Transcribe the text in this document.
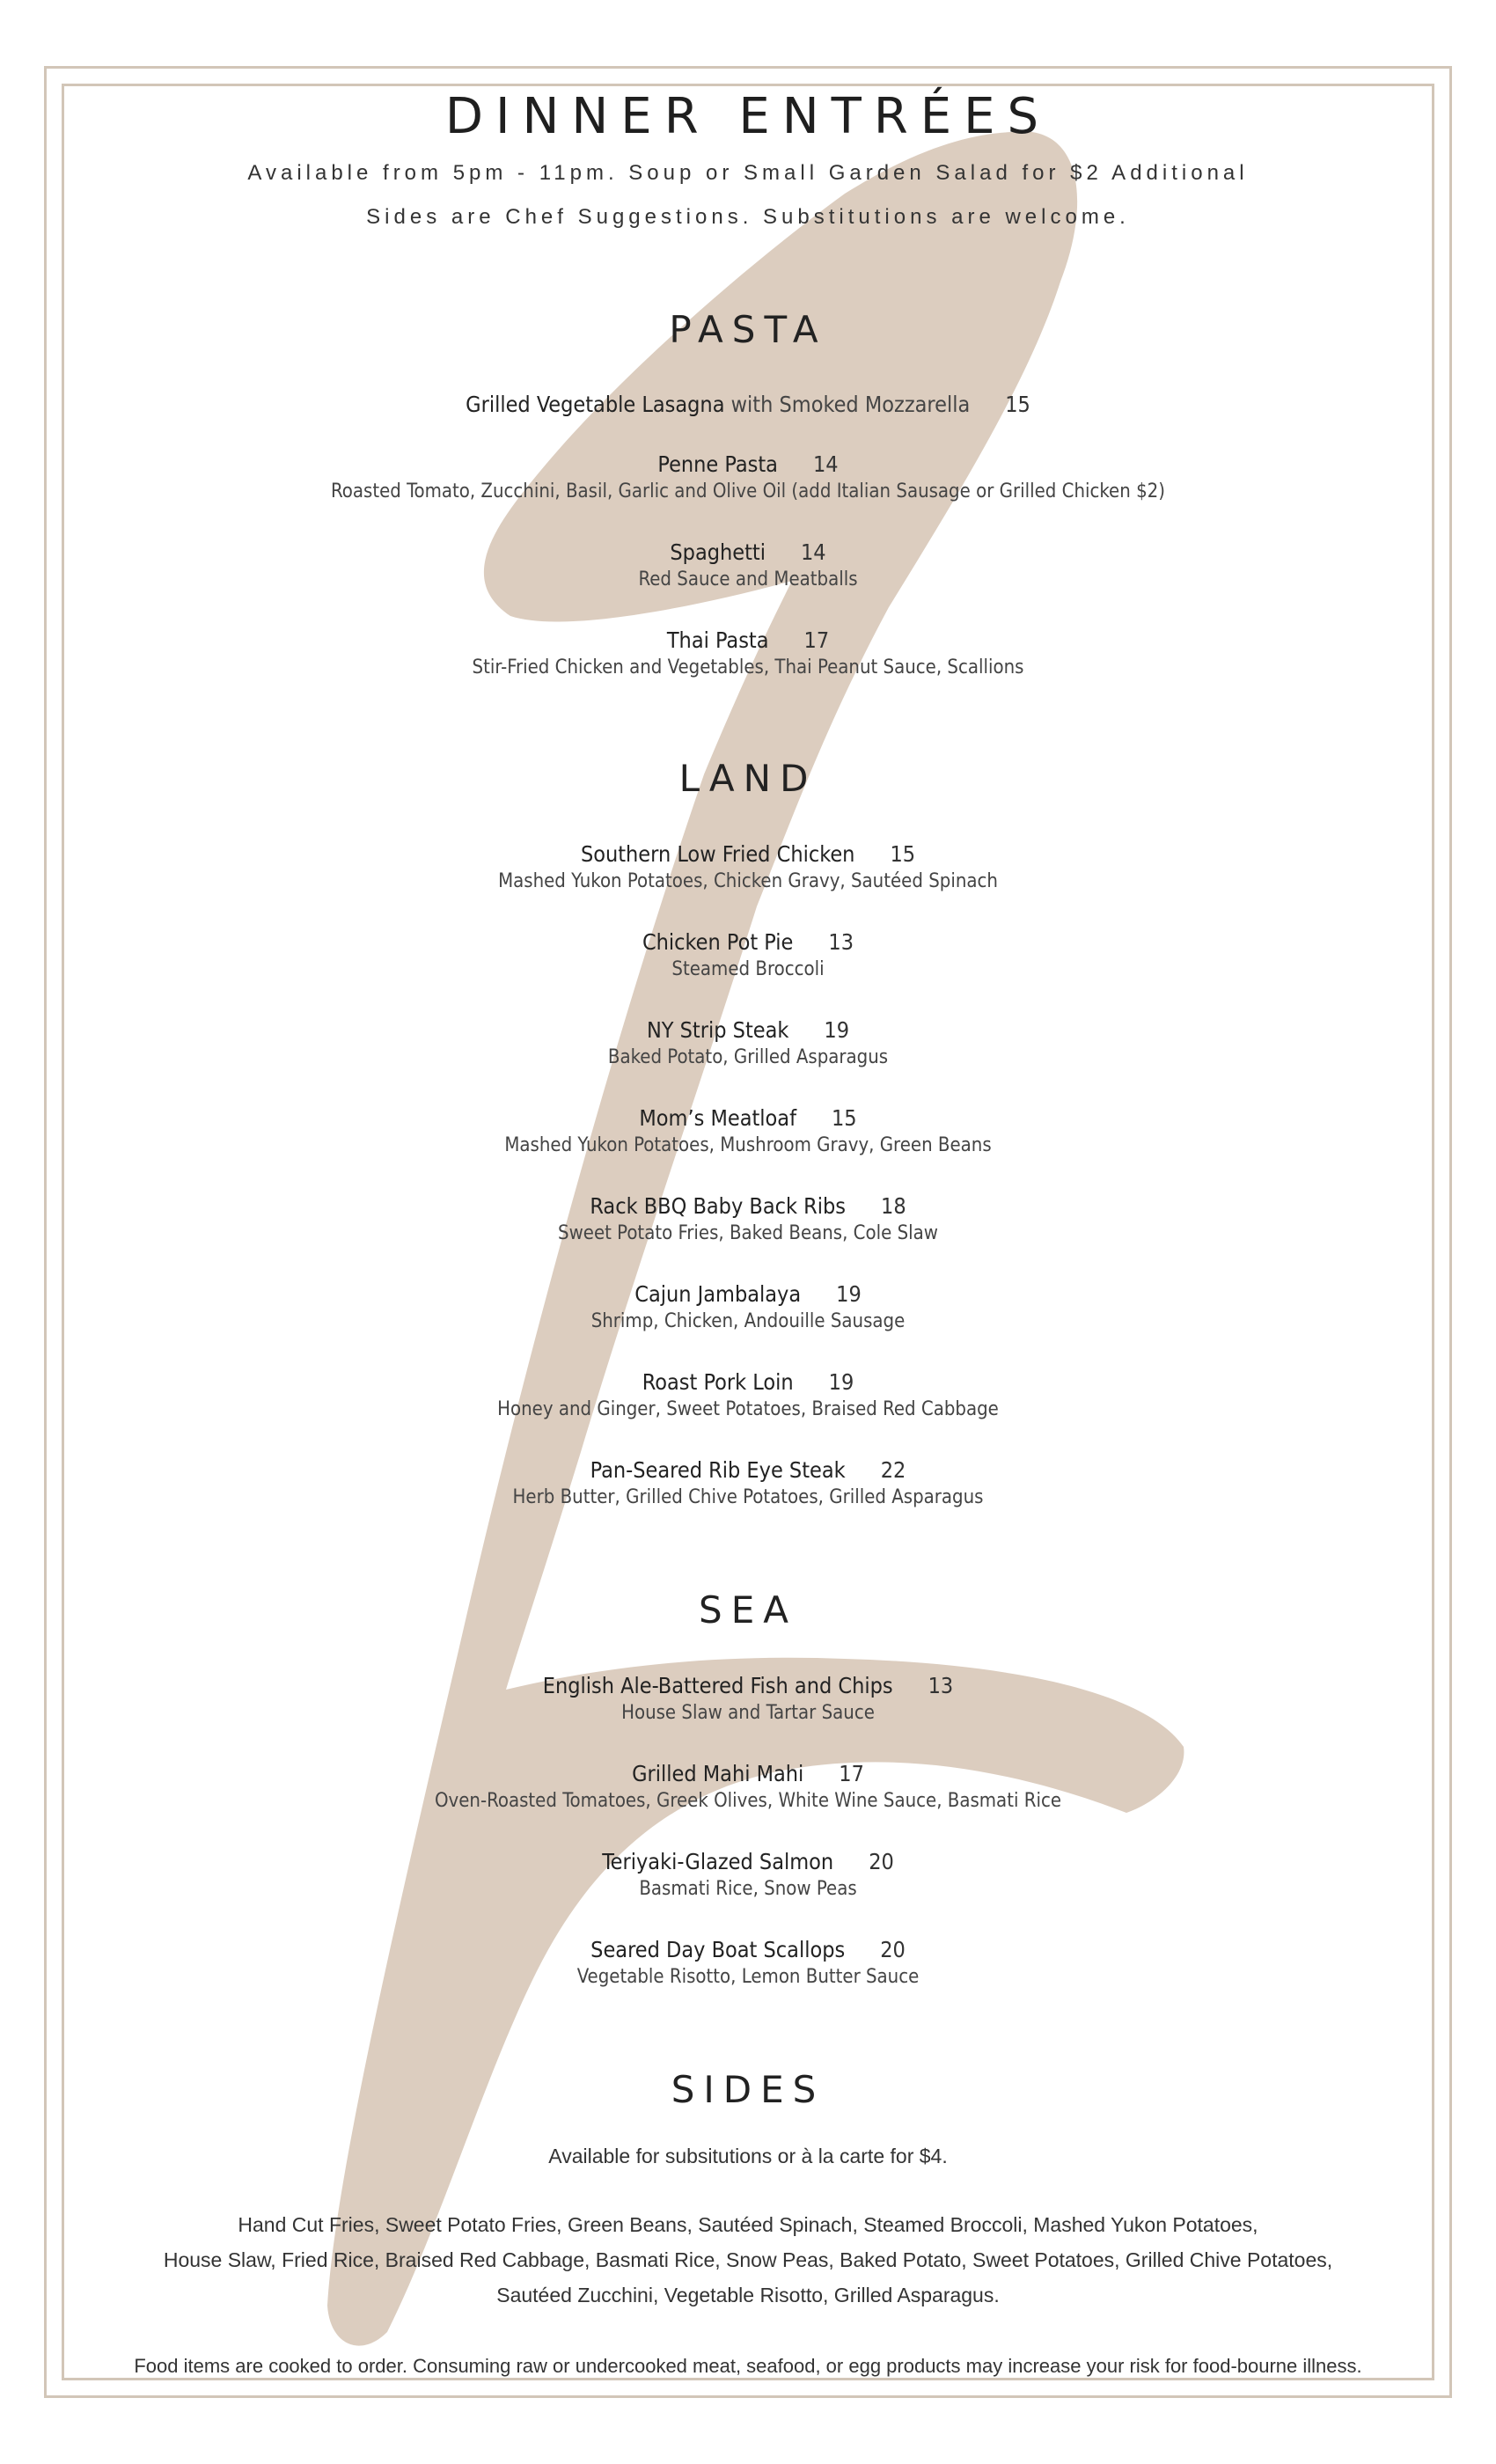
DINNER ENTRÉES
Available from 5pm - 11pm. Soup or Small Garden Salad for $2 Additional
Sides are Chef Suggestions. Substitutions are welcome.
PASTA
Grilled Vegetable Lasagna with Smoked Mozzarella 15
Penne Pasta 14
Roasted Tomato, Zucchini, Basil, Garlic and Olive Oil (add Italian Sausage or Grilled Chicken $2)
Spaghetti 14
Red Sauce and Meatballs
Thai Pasta 17
Stir-Fried Chicken and Vegetables, Thai Peanut Sauce, Scallions
LAND
Southern Low Fried Chicken 15
Mashed Yukon Potatoes, Chicken Gravy, Sautéed Spinach
Chicken Pot Pie 13
Steamed Broccoli
NY Strip Steak 19
Baked Potato, Grilled Asparagus
Mom’s Meatloaf 15
Mashed Yukon Potatoes, Mushroom Gravy, Green Beans
Rack BBQ Baby Back Ribs 18
Sweet Potato Fries, Baked Beans, Cole Slaw
Cajun Jambalaya 19
Shrimp, Chicken, Andouille Sausage
Roast Pork Loin 19
Honey and Ginger, Sweet Potatoes, Braised Red Cabbage
Pan-Seared Rib Eye Steak 22
Herb Butter, Grilled Chive Potatoes, Grilled Asparagus
SEA
English Ale-Battered Fish and Chips 13
House Slaw and Tartar Sauce
Grilled Mahi Mahi 17
Oven-Roasted Tomatoes, Greek Olives, White Wine Sauce, Basmati Rice
Teriyaki-Glazed Salmon 20
Basmati Rice, Snow Peas
Seared Day Boat Scallops 20
Vegetable Risotto, Lemon Butter Sauce
SIDES
Available for subsitutions or à la carte for $4.
Hand Cut Fries, Sweet Potato Fries, Green Beans, Sautéed Spinach, Steamed Broccoli, Mashed Yukon Potatoes,
House Slaw, Fried Rice, Braised Red Cabbage, Basmati Rice, Snow Peas, Baked Potato, Sweet Potatoes, Grilled Chive Potatoes,
Sautéed Zucchini, Vegetable Risotto, Grilled Asparagus.
Food items are cooked to order. Consuming raw or undercooked meat, seafood, or egg products may increase your risk for food-bourne illness.
